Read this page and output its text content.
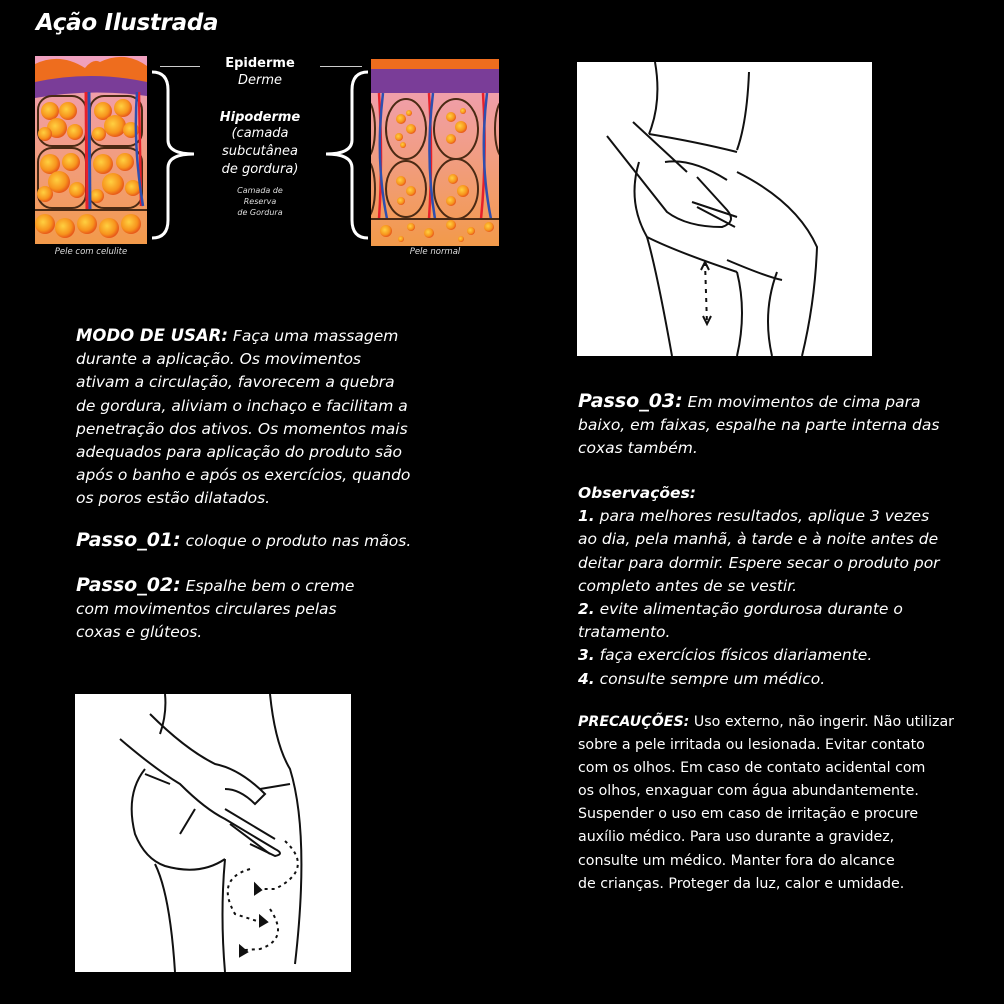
Ação Ilustrada
Pele com celulite
Epiderme
Derme
Hipoderme
(camada
subcutânea
de gordura)
Camada de
Reserva
de Gordura
Pele normal
MODO DE USAR: Faça uma massagem
durante a aplicação. Os movimentos
ativam a circulação, favorecem a quebra
de gordura, aliviam o inchaço e facilitam a
penetração dos ativos. Os momentos mais
adequados para aplicação do produto são
após o banho e após os exercícios, quando
os poros estão dilatados.
Passo_01: coloque o produto nas mãos.
Passo_02: Espalhe bem o creme
com movimentos circulares pelas
coxas e glúteos.
Passo_03: Em movimentos de cima para
baixo, em faixas, espalhe na parte interna das
coxas também.
Observações:
1. para melhores resultados, aplique 3 vezes
ao dia, pela manhã, à tarde e à noite antes de
deitar para dormir. Espere secar o produto por
completo antes de se vestir.
2. evite alimentação gordurosa durante o
tratamento.
3. faça exercícios físicos diariamente.
4. consulte sempre um médico.
PRECAUÇÕES: Uso externo, não ingerir. Não utilizar
sobre a pele irritada ou lesionada. Evitar contato
com os olhos. Em caso de contato acidental com
os olhos, enxaguar com água abundantemente.
Suspender o uso em caso de irritação e procure
auxílio médico. Para uso durante a gravidez,
consulte um médico. Manter fora do alcance
de crianças. Proteger da luz, calor e umidade.
